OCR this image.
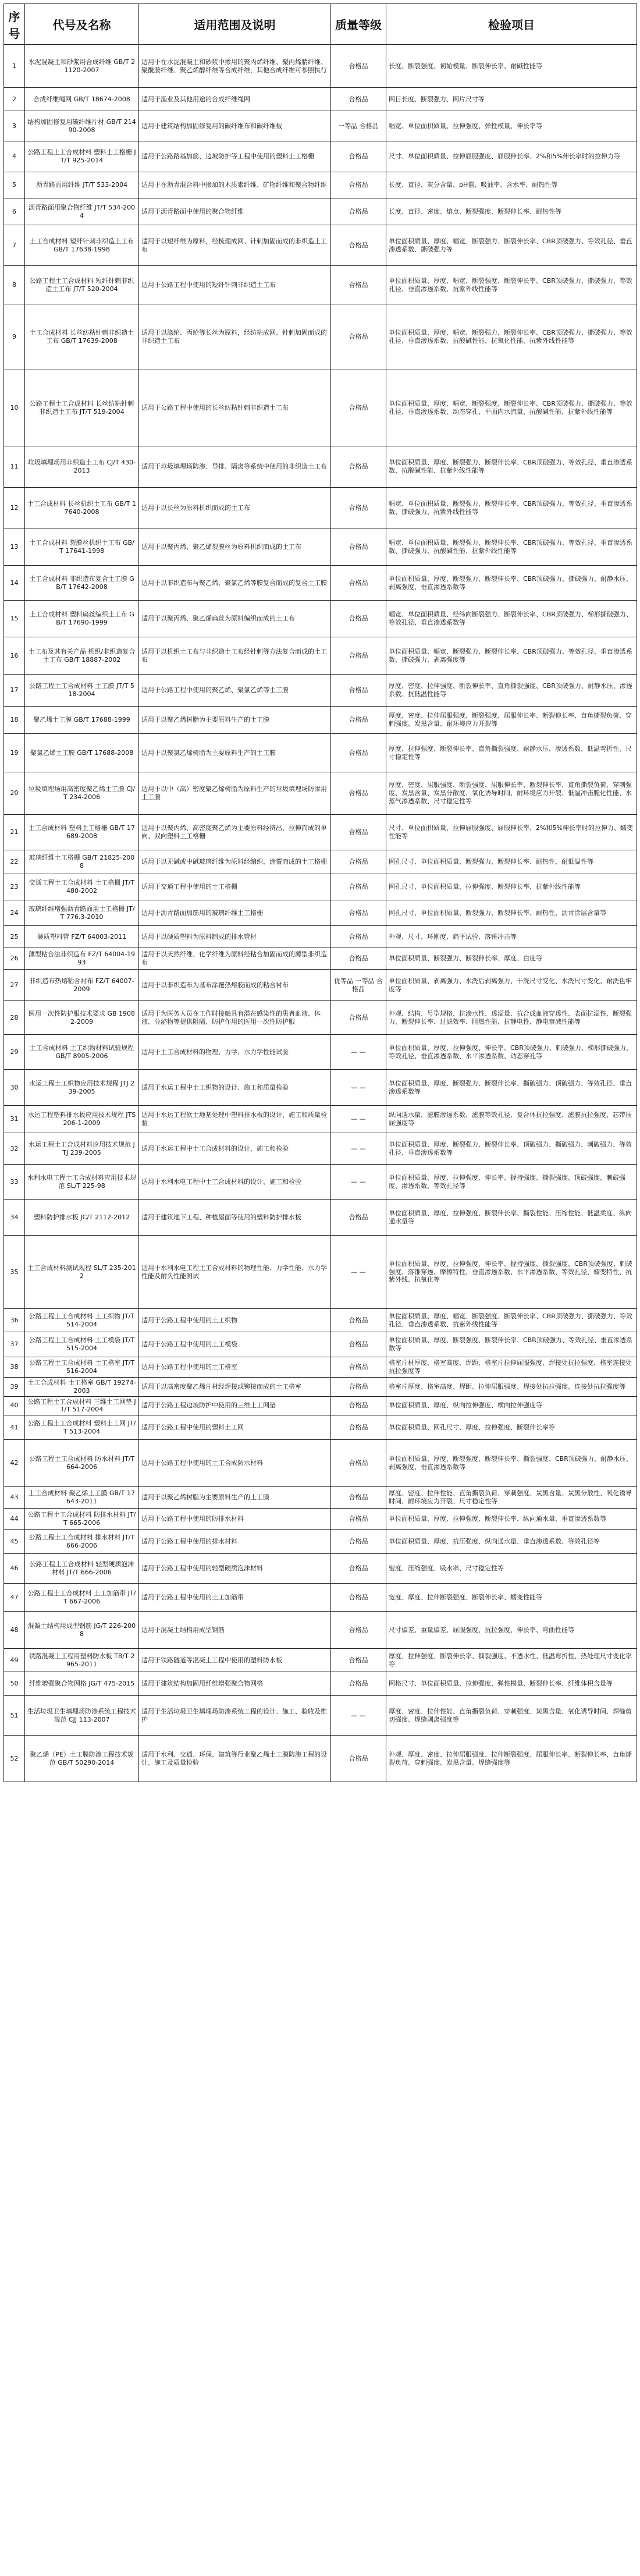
序号	代号及名称	适用范围及说明	质量等级	检验项目
1	水泥混凝土和砂浆用合成纤维 GB/T 21120-2007	适用于在水泥混凝土和砂浆中掺用的聚丙烯纤维、聚丙烯腈纤维、聚酰胺纤维、聚乙烯醇纤维等合成纤维，其他合成纤维可参照执行	合格品	长度、断裂强度、初始模量、断裂伸长率、耐碱性能等
2	合成纤维绳网 GB/T 18674-2008	适用于渔业及其他用途的合成纤维绳网	合格品	网目长度、断裂强力、网片尺寸等
3	结构加固修复用碳纤维片材 GB/T 21490-2008	适用于建筑结构加固修复用的碳纤维布和碳纤维板	一等品 合格品	幅宽、单位面积质量、拉伸强度、弹性模量、伸长率等
4	公路工程土工合成材料 塑料土工格栅 JT/T 925-2014	适用于公路路基加筋、边坡防护等工程中使用的塑料土工格栅	合格品	尺寸、单位面积质量、拉伸屈服强度、屈服伸长率、2%和5%伸长率时的拉伸力等
5	沥青路面用纤维 JT/T 533-2004	适用于在沥青混合料中掺加的木质素纤维、矿物纤维和聚合物纤维	合格品	长度、直径、灰分含量、pH值、吸油率、含水率、耐热性等
6	沥青路面用聚合物纤维 JT/T 534-2004	适用于沥青路面中使用的聚合物纤维	合格品	长度、直径、密度、熔点、断裂强度、断裂伸长率、耐热性等
7	土工合成材料 短纤针刺非织造土工布 GB/T 17638-1998	适用于以短纤维为原料，经梳理成网、针刺加固而成的非织造土工布	合格品	单位面积质量、厚度、幅宽、断裂强力、断裂伸长率、CBR顶破强力、等效孔径、垂直渗透系数、撕破强力等
8	公路工程土工合成材料 短纤针刺非织造土工布 JT/T 520-2004	适用于公路工程中使用的短纤针刺非织造土工布	合格品	单位面积质量、厚度、幅宽、断裂强度、断裂伸长率、CBR顶破强力、撕破强力、等效孔径、垂直渗透系数、抗紫外线性能等
9	土工合成材料 长丝纺粘针刺非织造土工布 GB/T 17639-2008	适用于以涤纶、丙纶等长丝为原料，经纺粘成网、针刺加固而成的非织造土工布	合格品	单位面积质量、厚度、幅宽、断裂强力、断裂伸长率、CBR顶破强力、撕破强力、等效孔径、垂直渗透系数、抗酸碱性能、抗氧化性能、抗紫外线性能等
10	公路工程土工合成材料 长丝纺粘针刺非织造土工布 JT/T 519-2004	适用于公路工程中使用的长丝纺粘针刺非织造土工布	合格品	单位面积质量、厚度、幅宽、断裂强度、断裂伸长率、CBR顶破强力、撕破强力、等效孔径、垂直渗透系数、动态穿孔、平面内水流量、抗酸碱性能、抗紫外线性能等
11	垃圾填埋场用非织造土工布 CJ/T 430-2013	适用于垃圾填埋场防渗、导排、隔离等系统中使用的非织造土工布	合格品	单位面积质量、厚度、断裂强力、断裂伸长率、CBR顶破强力、等效孔径、垂直渗透系数、抗酸碱性能、抗紫外线性能等
12	土工合成材料 长丝机织土工布 GB/T 17640-2008	适用于以长丝为原料机织而成的土工布	合格品	幅宽、单位面积质量、断裂强力、断裂伸长率、CBR顶破强力、等效孔径、垂直渗透系数、撕破强力、抗紫外线性能等
13	土工合成材料 裂膜丝机织土工布 GB/T 17641-1998	适用于以聚丙烯、聚乙烯裂膜丝为原料机织而成的土工布	合格品	幅宽、单位面积质量、断裂强力、断裂伸长率、CBR顶破强力、等效孔径、垂直渗透系数、撕破强力、抗酸碱性能、抗紫外线性能等
14	土工合成材料 非织造布复合土工膜 GB/T 17642-2008	适用于以非织造布与聚乙烯、聚氯乙烯等膜复合而成的复合土工膜	合格品	单位面积质量、厚度、断裂强力、断裂伸长率、CBR顶破强力、撕破强力、耐静水压、剥离强度、垂直渗透系数等
15	土工合成材料 塑料扁丝编织土工布 GB/T 17690-1999	适用于以聚丙烯、聚乙烯扁丝为原料编织而成的土工布	合格品	幅宽、单位面积质量、经纬向断裂强力、断裂伸长率、CBR顶破强力、梯形撕破强力、等效孔径、垂直渗透系数等
16	土工布及其有关产品 机织/非织造复合土工布 GB/T 18887-2002	适用于以机织土工布与非织造土工布经针刺等方法复合而成的土工布	合格品	单位面积质量、幅宽、断裂强力、断裂伸长率、CBR顶破强力、等效孔径、垂直渗透系数、撕破强力、剥离强度等
17	公路工程土工合成材料 土工膜 JT/T 518-2004	适用于公路工程中使用的聚乙烯、聚氯乙烯等土工膜	合格品	厚度、密度、拉伸强度、断裂伸长率、直角撕裂强度、CBR顶破强力、耐静水压、渗透系数、抗低温性能等
18	聚乙烯土工膜 GB/T 17688-1999	适用于以聚乙烯树脂为主要原料生产的土工膜	合格品	厚度、密度、拉伸屈服强度、断裂强度、屈服伸长率、断裂伸长率、直角撕裂负荷、穿刺强度、炭黑含量、耐环境应力开裂等
19	聚氯乙烯土工膜 GB/T 17688-2008	适用于以聚氯乙烯树脂为主要原料生产的土工膜	合格品	厚度、拉伸强度、断裂伸长率、直角撕裂强度、耐静水压、渗透系数、低温弯折性、尺寸稳定性等
20	垃圾填埋场用高密度聚乙烯土工膜 CJ/T 234-2006	适用于以中（高）密度聚乙烯树脂为原料生产的垃圾填埋场防渗用土工膜	合格品	厚度、密度、屈服强度、断裂强度、屈服伸长率、断裂伸长率、直角撕裂负荷、穿刺强度、炭黑含量、炭黑分散度、氧化诱导时间、耐环境应力开裂、低温冲击脆化性能、水蒸气渗透系数、尺寸稳定性等
21	土工合成材料 塑料土工格栅 GB/T 17689-2008	适用于以聚丙烯、高密度聚乙烯为主要原料经挤出、拉伸而成的单向、双向塑料土工格栅	合格品	尺寸、单位面积质量、拉伸屈服强度、屈服伸长率、2%和5%伸长率时的拉伸力、蠕变性能等
22	玻璃纤维土工格栅 GB/T 21825-2008	适用于以无碱或中碱玻璃纤维为原料经编织、涂覆而成的土工格栅	合格品	网孔尺寸、单位面积质量、断裂强力、断裂伸长率、耐热性、耐低温性等
23	交通工程土工合成材料 土工格栅 JT/T 480-2002	适用于交通工程中使用的土工格栅	合格品	网孔尺寸、单位面积质量、拉伸强度、断裂伸长率、抗紫外线性能等
24	玻璃纤维增强沥青路面用土工格栅 JT/T 776.3-2010	适用于沥青路面加筋用的玻璃纤维土工格栅	合格品	网孔尺寸、单位面积质量、断裂强力、断裂伸长率、耐热性、沥青涂层含量等
25	硬质塑料管 FZ/T 64003-2011	适用于以硬质塑料为原料制成的排水管材	合格品	外观、尺寸、环刚度、扁平试验、落锤冲击等
26	薄型粘合法非织造布 FZ/T 64004-1993	适用于以天然纤维、化学纤维为原料经粘合加固而成的薄型非织造布	合格品	单位面积质量、断裂强力、断裂伸长率、厚度、白度等
27	非织造布热熔粘合衬布 FZ/T 64007-2009	适用于以非织造布为基布涂覆热熔胶而成的粘合衬布	优等品 一等品 合格品	单位面积质量、剥离强力、水洗后剥离强力、干洗尺寸变化、水洗尺寸变化、耐洗色牢度等
28	医用一次性防护服技术要求 GB 19082-2009	适用于为医务人员在工作时接触具有潜在感染性的患者血液、体液、分泌物等提供阻隔、防护作用的医用一次性防护服	合格品	外观、结构、号型规格、抗渗水性、透湿量、抗合成血液穿透性、表面抗湿性、断裂强力、断裂伸长率、过滤效率、阻燃性能、抗静电性、静电衰减性能等
29	土工合成材料 土工织物材料试验规程 GB/T 8905-2006	适用于土工合成材料的物理、力学、水力学性能试验	— —	单位面积质量、厚度、拉伸强度、伸长率、CBR顶破强力、刺破强力、梯形撕破强力、等效孔径、垂直渗透系数、水平渗透系数、动态穿孔等
30	水运工程土工织物应用技术规程 JTJ 239-2005	适用于水运工程中土工织物的设计、施工和质量检验	— —	单位面积质量、厚度、断裂强力、断裂伸长率、撕破强力、顶破强力、等效孔径、垂直渗透系数等
31	水运工程塑料排水板应用技术规程 JTS 206-1-2009	适用于水运工程软土地基处理中塑料排水板的设计、施工和质量检验	— —	纵向通水量、滤膜渗透系数、滤膜等效孔径、复合体抗拉强度、滤膜抗拉强度、芯带压屈强度等
32	水运工程土工合成材料应用技术规范 JTJ 239-2005	适用于水运工程中土工合成材料的设计、施工和检验	— —	单位面积质量、厚度、断裂强力、断裂伸长率、顶破强力、撕破强力、刺破强力、等效孔径、垂直渗透系数等
33	水利水电工程土工合成材料应用技术规范 SL/T 225-98	适用于水利水电工程中土工合成材料的设计、施工和检验	— —	单位面积质量、厚度、拉伸强度、伸长率、握持强度、撕裂强度、顶破强度、刺破强度、渗透系数、等效孔径等
34	塑料防护排水板 JC/T 2112-2012	适用于建筑地下工程、种植屋面等使用的塑料防护排水板	合格品	单位面积质量、厚度、拉伸强度、断裂伸长率、撕裂性能、压缩性能、低温柔度、纵向通水量等
35	土工合成材料测试规程 SL/T 235-2012	适用于水利水电工程土工合成材料的物理性能、力学性能、水力学性能及耐久性能测试	— —	单位面积质量、厚度、拉伸强度、伸长率、握持强度、撕裂强度、CBR顶破强度、刺破强度、落锥穿透、摩擦特性、垂直渗透系数、水平渗透系数、等效孔径、蠕变特性、抗紫外线、抗氧化等
36	公路工程土工合成材料 土工织物 JT/T 514-2004	适用于公路工程中使用的土工织物	合格品	单位面积质量、厚度、幅宽、断裂强度、断裂伸长率、CBR顶破强力、撕破强力、等效孔径、垂直渗透系数、抗紫外线性能等
37	公路工程土工合成材料 土工模袋 JT/T 515-2004	适用于公路工程中使用的土工模袋	合格品	单位面积质量、厚度、断裂强度、断裂伸长率、CBR顶破强力、等效孔径、垂直渗透系数等
38	公路工程土工合成材料 土工格室 JT/T 516-2004	适用于公路工程中使用的土工格室	合格品	格室片材厚度、格室高度、焊距、格室片拉伸屈服强度、焊接处抗拉强度、格室连接处抗拉强度等
39	土工合成材料 土工格室 GB/T 19274-2003	适用于以高密度聚乙烯片材经焊接或铆接而成的土工格室	合格品	格室片厚度、格室高度、焊距、拉伸屈服强度、焊接处抗拉强度、连接处抗拉强度等
40	公路工程土工合成材料 三维土工网垫 JT/T 517-2004	适用于公路工程边坡防护中使用的三维土工网垫	合格品	单位面积质量、厚度、纵向拉伸强度、横向拉伸强度等
41	公路工程土工合成材料 塑料土工网 JT/T 513-2004	适用于公路工程中使用的塑料土工网	合格品	单位面积质量、网孔尺寸、厚度、拉伸强度、断裂伸长率等
42	公路工程土工合成材料 防水材料 JT/T 664-2006	适用于公路工程中使用的土工合成防水材料	合格品	单位面积质量、厚度、断裂强度、断裂伸长率、撕裂强度、CBR顶破强力、耐静水压、剥离强度、垂直渗透系数等
43	土工合成材料 聚乙烯土工膜 GB/T 17643-2011	适用于以聚乙烯树脂为主要原料生产的土工膜	合格品	厚度、密度、拉伸性能、直角撕裂负荷、穿刺强度、炭黑含量、炭黑分散性、氧化诱导时间、耐环境应力开裂、尺寸稳定性等
44	公路工程土工合成材料 防排水材料 JT/T 665-2006	适用于公路工程中使用的防排水材料	合格品	单位面积质量、厚度、拉伸强度、断裂伸长率、纵向通水量、垂直渗透系数等
45	公路工程土工合成材料 排水材料 JT/T 666-2006	适用于公路工程中使用的排水材料	合格品	单位面积质量、厚度、抗压强度、纵向通水量、垂直渗透系数、等效孔径等
46	公路工程土工合成材料 轻型硬质泡沫材料 JT/T 666-2006	适用于公路工程中使用的轻型硬质泡沫材料	合格品	密度、压缩强度、吸水率、尺寸稳定性等
47	公路工程土工合成材料 土工加筋带 JT/T 667-2006	适用于公路工程中使用的土工加筋带	合格品	宽度、厚度、拉伸断裂强度、断裂伸长率、蠕变性能等
48	混凝土结构用成型钢筋 JG/T 226-2008	适用于混凝土结构用成型钢筋	合格品	尺寸偏差、重量偏差、屈服强度、抗拉强度、伸长率、弯曲性能等
49	铁路混凝土工程用塑料防水板 TB/T 2965-2011	适用于铁路隧道等混凝土工程中使用的塑料防水板	合格品	厚度、拉伸强度、断裂伸长率、撕裂强度、不透水性、低温弯折性、热处理尺寸变化率等
50	纤维增强聚合物网格 JG/T 475-2015	适用于建筑结构加固用纤维增强聚合物网格	合格品	网格尺寸、单位面积质量、拉伸强度、弹性模量、断裂伸长率、纤维体积含量等
51	生活垃圾卫生填埋场防渗系统工程技术规范 CJJ 113-2007	适用于生活垃圾卫生填埋场防渗系统工程的设计、施工、验收及维护	— —	厚度、密度、拉伸性能、直角撕裂负荷、穿刺强度、炭黑含量、氧化诱导时间、焊缝剪切强度、焊缝剥离强度等
52	聚乙烯（PE）土工膜防渗工程技术规范 GB/T 50290-2014	适用于水利、交通、环保、建筑等行业聚乙烯土工膜防渗工程的设计、施工及质量检验	合格品	外观、厚度、密度、拉伸屈服强度、拉伸断裂强度、屈服伸长率、断裂伸长率、直角撕裂负荷、穿刺强度、炭黑含量、焊缝强度等
